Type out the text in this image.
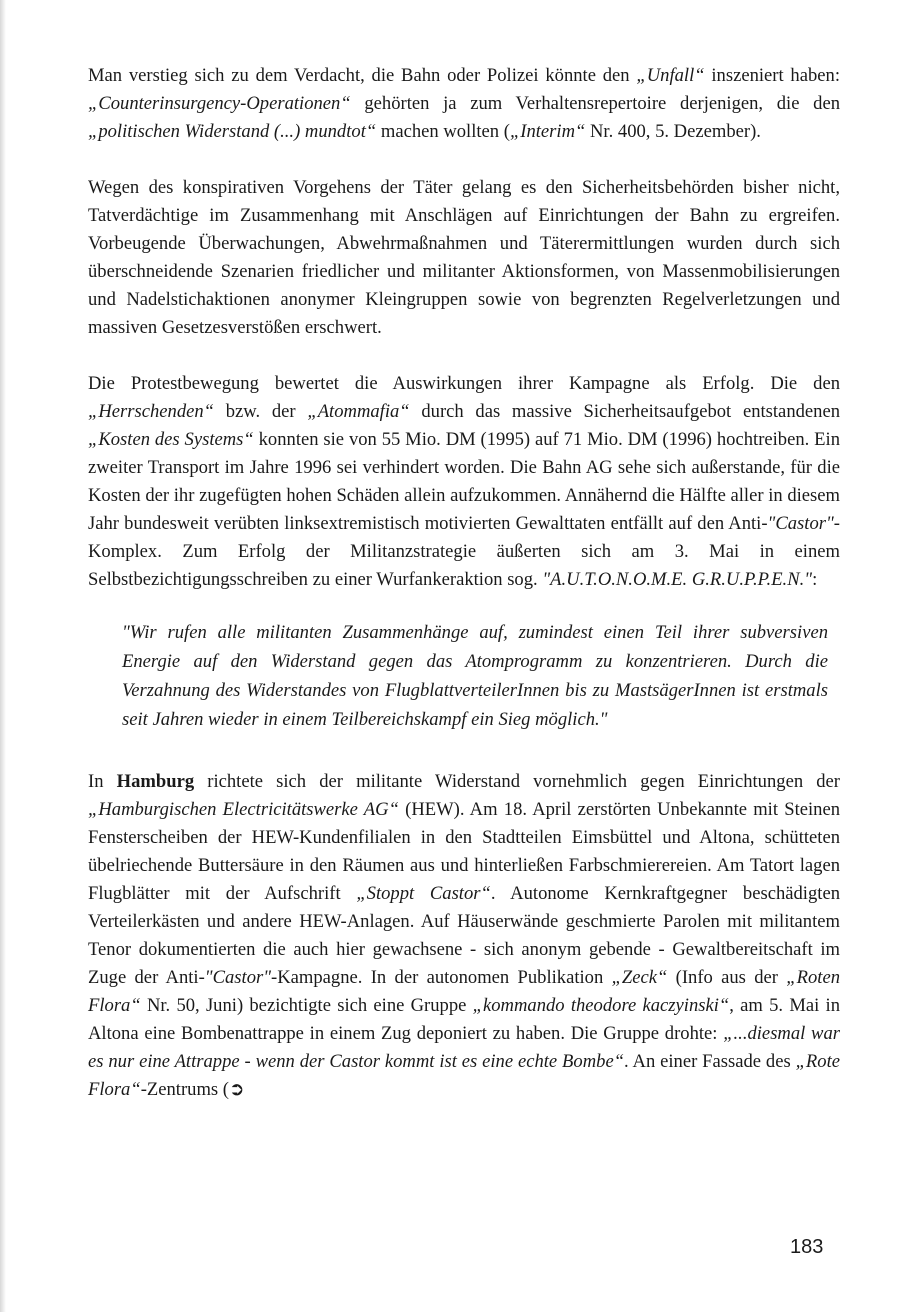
Man verstieg sich zu dem Verdacht, die Bahn oder Polizei könnte den „Unfall“ inszeniert haben: „Counterinsurgency-Operationen“ gehörten ja zum Verhaltensrepertoire derjenigen, die den „politischen Widerstand (...) mundtot“ machen wollten („Interim“ Nr. 400, 5. Dezember).

Wegen des konspirativen Vorgehens der Täter gelang es den Sicherheitsbehörden bisher nicht, Tatverdächtige im Zusammenhang mit Anschlägen auf Einrichtungen der Bahn zu ergreifen. Vorbeugende Überwachungen, Abwehrmaßnahmen und Täterermittlungen wurden durch sich überschneidende Szenarien friedlicher und militanter Aktionsformen, von Massenmobilisierungen und Nadelstichaktionen anonymer Kleingruppen sowie von begrenzten Regelverletzungen und massiven Gesetzesverstößen erschwert.

Die Protestbewegung bewertet die Auswirkungen ihrer Kampagne als Erfolg. Die den „Herrschenden“ bzw. der „Atommafia“ durch das massive Sicherheitsaufgebot entstandenen „Kosten des Systems“ konnten sie von 55 Mio. DM (1995) auf 71 Mio. DM (1996) hochtreiben. Ein zweiter Transport im Jahre 1996 sei verhindert worden. Die Bahn AG sehe sich außerstande, für die Kosten der ihr zugefügten hohen Schäden allein aufzukommen. Annähernd die Hälfte aller in diesem Jahr bundesweit verübten linksextremistisch motivierten Gewalttaten entfällt auf den Anti-"Castor"-Komplex. Zum Erfolg der Militanzstrategie äußerten sich am 3. Mai in einem Selbstbezichtigungsschreiben zu einer Wurfankeraktion sog. "A.U.T.O.N.O.M.E. G.R.U.P.P.E.N.":

"Wir rufen alle militanten Zusammenhänge auf, zumindest einen Teil ihrer subversiven Energie auf den Widerstand gegen das Atomprogramm zu konzentrieren. Durch die Verzahnung des Widerstandes von FlugblattverteilerInnen bis zu MastsägerInnen ist erstmals seit Jahren wieder in einem Teilbereichskampf ein Sieg möglich."

In Hamburg richtete sich der militante Widerstand vornehmlich gegen Einrichtungen der „Hamburgischen Electricitätswerke AG“ (HEW). Am 18. April zerstörten Unbekannte mit Steinen Fensterscheiben der HEW-Kundenfilialen in den Stadtteilen Eimsbüttel und Altona, schütteten übelriechende Buttersäure in den Räumen aus und hinterließen Farbschmierereien. Am Tatort lagen Flugblätter mit der Aufschrift „Stoppt Castor“. Autonome Kernkraftgegner beschädigten Verteilerkästen und andere HEW-Anlagen. Auf Häuserwände geschmierte Parolen mit militantem Tenor dokumentierten die auch hier gewachsene - sich anonym gebende - Gewaltbereitschaft im Zuge der Anti-"Castor"-Kampagne. In der autonomen Publikation „Zeck“ (Info aus der „Roten Flora“ Nr. 50, Juni) bezichtigte sich eine Gruppe „kommando theodore kaczyinski“, am 5. Mai in Altona eine Bombenattrappe in einem Zug deponiert zu haben. Die Gruppe drohte: „...diesmal war es nur eine Attrappe - wenn der Castor kommt ist es eine echte Bombe“. An einer Fassade des „Rote Flora“-Zentrums (➲

183
